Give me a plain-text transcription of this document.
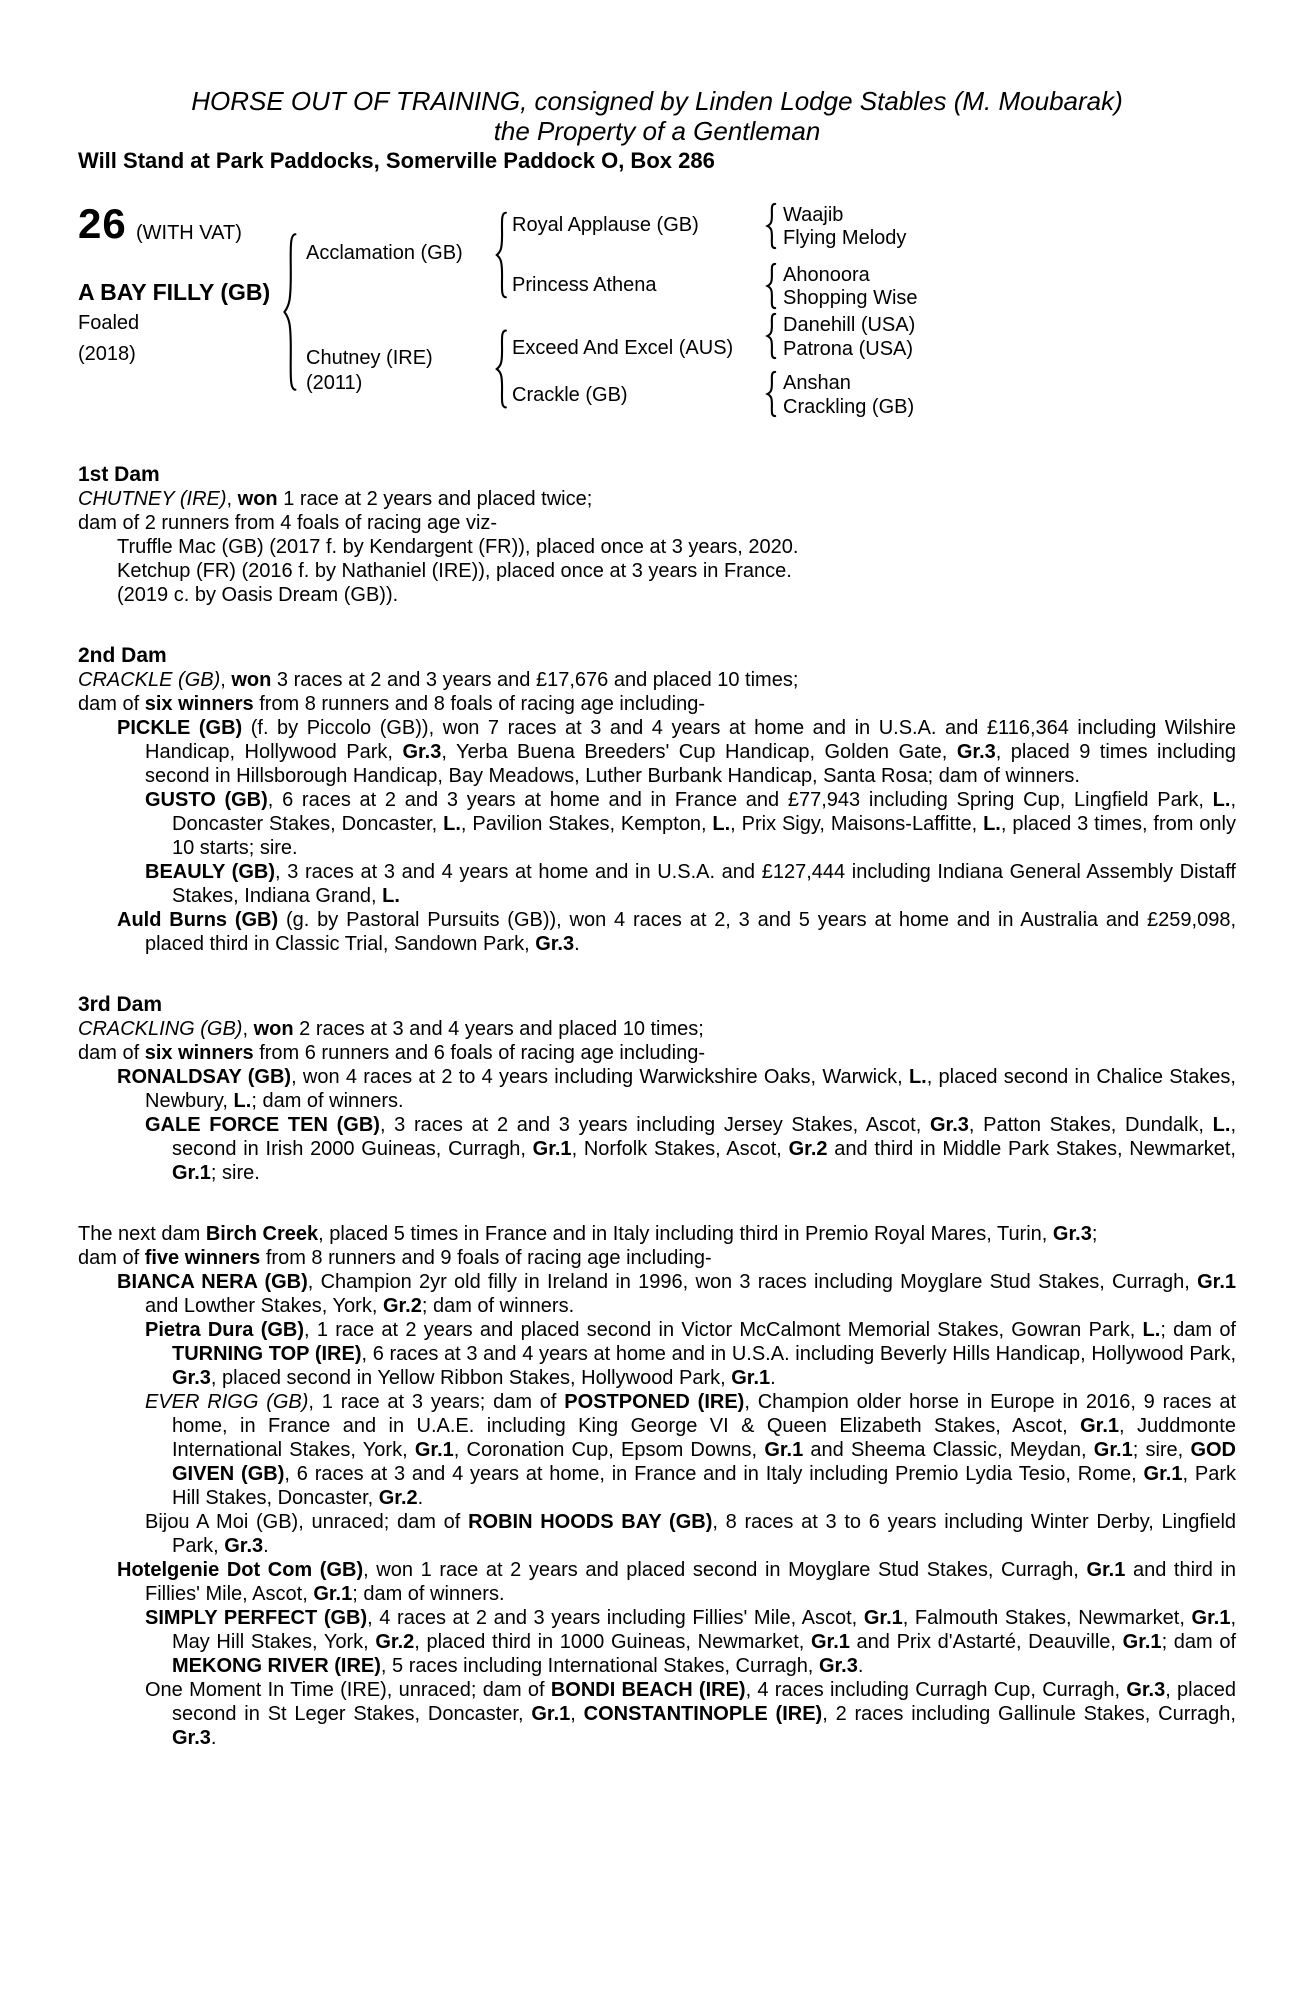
HORSE OUT OF TRAINING, consigned by Linden Lodge Stables (M. Moubarak)
the Property of a Gentleman
Will Stand at Park Paddocks, Somerville Paddock O, Box 286
26 (WITH VAT)
A BAY FILLY (GB)
Foaled
(2018)
Acclamation (GB)
Chutney (IRE)
(2011)
Royal Applause (GB)
Princess Athena
Exceed And Excel (AUS)
Crackle (GB)
Waajib
Flying Melody
Ahonoora
Shopping Wise
Danehill (USA)
Patrona (USA)
Anshan
Crackling (GB)
1st Dam

CHUTNEY (IRE), won 1 race at 2 years and placed twice;

dam of 2 runners from 4 foals of racing age viz-

Truffle Mac (GB) (2017 f. by Kendargent (FR)), placed once at 3 years, 2020.

Ketchup (FR) (2016 f. by Nathaniel (IRE)), placed once at 3 years in France.

(2019 c. by Oasis Dream (GB)).

2nd Dam

CRACKLE (GB), won 3 races at 2 and 3 years and £17,676 and placed 10 times;

dam of six winners from 8 runners and 8 foals of racing age including-

PICKLE (GB) (f. by Piccolo (GB)), won 7 races at 3 and 4 years at home and in U.S.A. and £116,364 including Wilshire Handicap, Hollywood Park, Gr.3, Yerba Buena Breeders' Cup Handicap, Golden Gate, Gr.3, placed 9 times including second in Hillsborough Handicap, Bay Meadows, Luther Burbank Handicap, Santa Rosa; dam of winners.

GUSTO (GB), 6 races at 2 and 3 years at home and in France and £77,943 including Spring Cup, Lingfield Park, L., Doncaster Stakes, Doncaster, L., Pavilion Stakes, Kempton, L., Prix Sigy, Maisons-Laffitte, L., placed 3 times, from only 10 starts; sire.

BEAULY (GB), 3 races at 3 and 4 years at home and in U.S.A. and £127,444 including Indiana General Assembly Distaff Stakes, Indiana Grand, L.

Auld Burns (GB) (g. by Pastoral Pursuits (GB)), won 4 races at 2, 3 and 5 years at home and in Australia and £259,098, placed third in Classic Trial, Sandown Park, Gr.3.

3rd Dam

CRACKLING (GB), won 2 races at 3 and 4 years and placed 10 times;

dam of six winners from 6 runners and 6 foals of racing age including-

RONALDSAY (GB), won 4 races at 2 to 4 years including Warwickshire Oaks, Warwick, L., placed second in Chalice Stakes, Newbury, L.; dam of winners.

GALE FORCE TEN (GB), 3 races at 2 and 3 years including Jersey Stakes, Ascot, Gr.3, Patton Stakes, Dundalk, L., second in Irish 2000 Guineas, Curragh, Gr.1, Norfolk Stakes, Ascot, Gr.2 and third in Middle Park Stakes, Newmarket, Gr.1; sire.

The next dam Birch Creek, placed 5 times in France and in Italy including third in Premio Royal Mares, Turin, Gr.3;

dam of five winners from 8 runners and 9 foals of racing age including-

BIANCA NERA (GB), Champion 2yr old filly in Ireland in 1996, won 3 races including Moyglare Stud Stakes, Curragh, Gr.1 and Lowther Stakes, York, Gr.2; dam of winners.

Pietra Dura (GB), 1 race at 2 years and placed second in Victor McCalmont Memorial Stakes, Gowran Park, L.; dam of TURNING TOP (IRE), 6 races at 3 and 4 years at home and in U.S.A. including Beverly Hills Handicap, Hollywood Park, Gr.3, placed second in Yellow Ribbon Stakes, Hollywood Park, Gr.1.

EVER RIGG (GB), 1 race at 3 years; dam of POSTPONED (IRE), Champion older horse in Europe in 2016, 9 races at home, in France and in U.A.E. including King George VI & Queen Elizabeth Stakes, Ascot, Gr.1, Juddmonte International Stakes, York, Gr.1, Coronation Cup, Epsom Downs, Gr.1 and Sheema Classic, Meydan, Gr.1; sire, GOD GIVEN (GB), 6 races at 3 and 4 years at home, in France and in Italy including Premio Lydia Tesio, Rome, Gr.1, Park Hill Stakes, Doncaster, Gr.2.

Bijou A Moi (GB), unraced; dam of ROBIN HOODS BAY (GB), 8 races at 3 to 6 years including Winter Derby, Lingfield Park, Gr.3.

Hotelgenie Dot Com (GB), won 1 race at 2 years and placed second in Moyglare Stud Stakes, Curragh, Gr.1 and third in Fillies' Mile, Ascot, Gr.1; dam of winners.

SIMPLY PERFECT (GB), 4 races at 2 and 3 years including Fillies' Mile, Ascot, Gr.1, Falmouth Stakes, Newmarket, Gr.1, May Hill Stakes, York, Gr.2, placed third in 1000 Guineas, Newmarket, Gr.1 and Prix d'Astarté, Deauville, Gr.1; dam of MEKONG RIVER (IRE), 5 races including International Stakes, Curragh, Gr.3.

One Moment In Time (IRE), unraced; dam of BONDI BEACH (IRE), 4 races including Curragh Cup, Curragh, Gr.3, placed second in St Leger Stakes, Doncaster, Gr.1, CONSTANTINOPLE (IRE), 2 races including Gallinule Stakes, Curragh, Gr.3.
